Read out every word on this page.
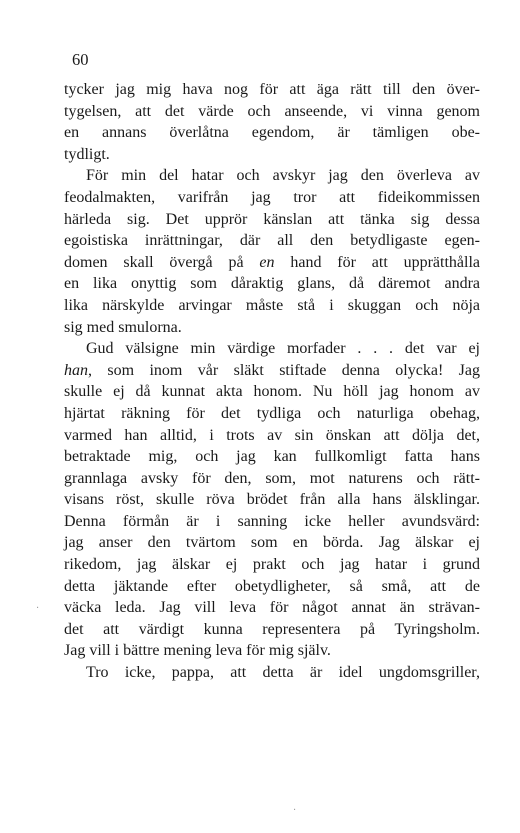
60

tycker jag mig hava nog för att äga rätt till den över-
tygelsen, att det värde och anseende, vi vinna genom
en annans överlåtna egendom, är tämligen obe-
tydligt.
För min del hatar och avskyr jag den överleva av
feodalmakten, varifrån jag tror att fideikommissen
härleda sig. Det upprör känslan att tänka sig dessa
egoistiska inrättningar, där all den betydligaste egen-
domen skall övergå på en hand för att upprätthålla
en lika onyttig som dåraktig glans, då däremot andra
lika närskylde arvingar måste stå i skuggan och nöja
sig med smulorna.
Gud välsigne min värdige morfader . . . det var ej
han, som inom vår släkt stiftade denna olycka! Jag
skulle ej då kunnat akta honom. Nu höll jag honom av
hjärtat räkning för det tydliga och naturliga obehag,
varmed han alltid, i trots av sin önskan att dölja det,
betraktade mig, och jag kan fullkomligt fatta hans
grannlaga avsky för den, som, mot naturens och rätt-
visans röst, skulle röva brödet från alla hans älsklingar.
Denna förmån är i sanning icke heller avundsvärd:
jag anser den tvärtom som en börda. Jag älskar ej
rikedom, jag älskar ej prakt och jag hatar i grund
detta jäktande efter obetydligheter, så små, att de
väcka leda. Jag vill leva för något annat än strävan-
det att värdigt kunna representera på Tyringsholm.
Jag vill i bättre mening leva för mig själv.
Tro icke, pappa, att detta är idel ungdomsgriller,
·
·
